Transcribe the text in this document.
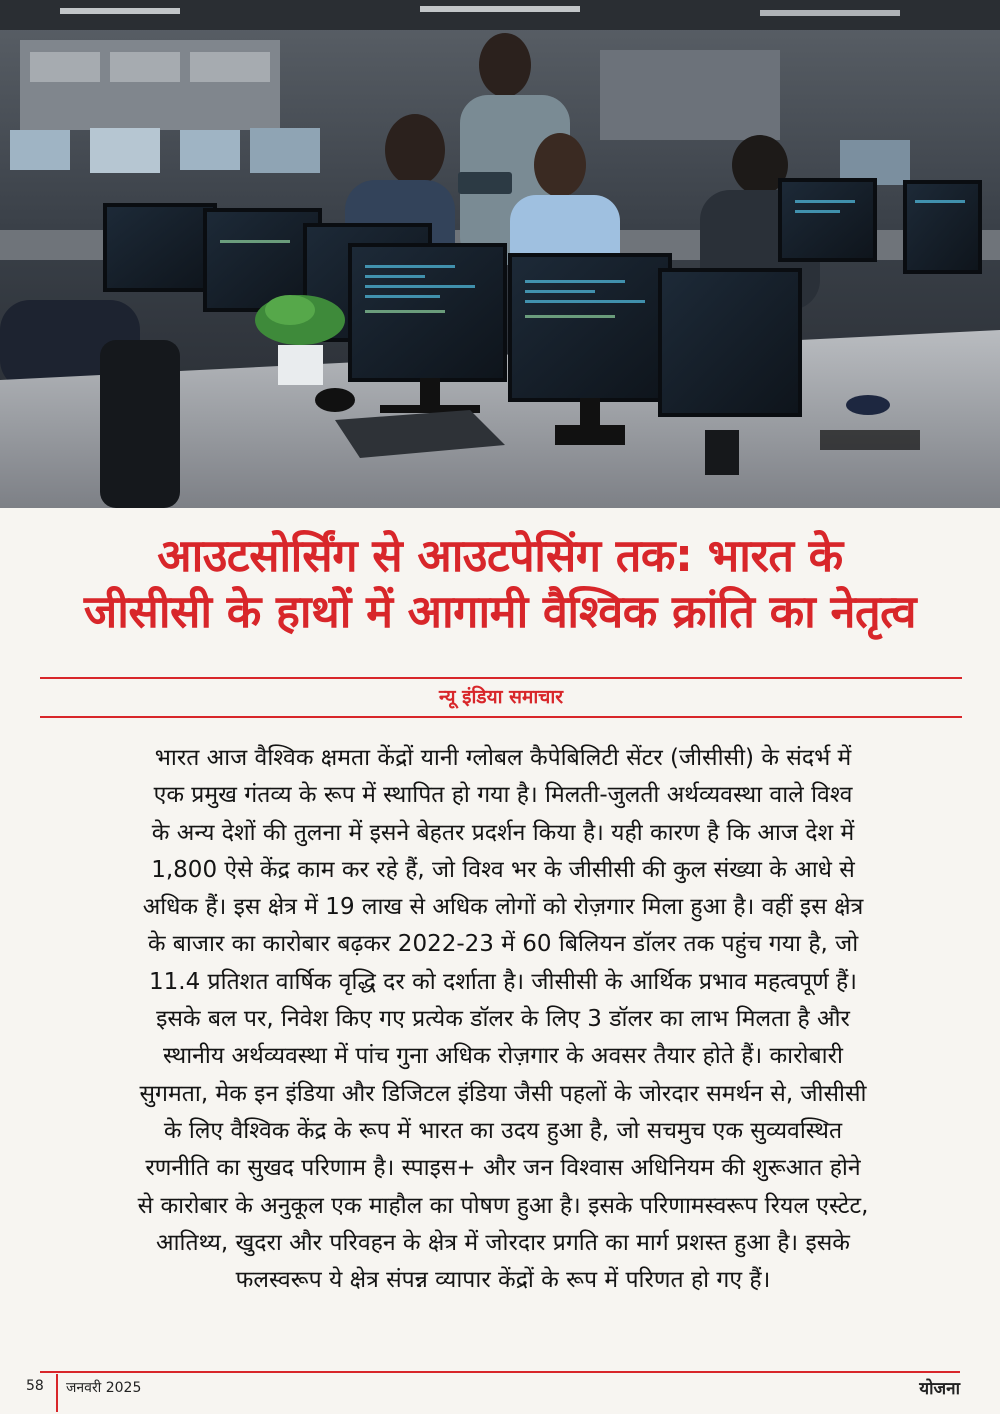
आउटसोर्सिंग से आउटपेसिंग तक: भारत के
जीसीसी के हाथों में आगामी वैश्विक क्रांति का नेतृत्व
न्यू इंडिया समाचार
भारत आज वैश्विक क्षमता केंद्रों यानी ग्लोबल कैपेबिलिटी सेंटर (जीसीसी) के संदर्भ में
एक प्रमुख गंतव्य के रूप में स्थापित हो गया है। मिलती-जुलती अर्थव्यवस्था वाले विश्व
के अन्य देशों की तुलना में इसने बेहतर प्रदर्शन किया है। यही कारण है कि आज देश में
1,800 ऐसे केंद्र काम कर रहे हैं, जो विश्व भर के जीसीसी की कुल संख्या के आधे से
अधिक हैं। इस क्षेत्र में 19 लाख से अधिक लोगों को रोज़गार मिला हुआ है। वहीं इस क्षेत्र
के बाजार का कारोबार बढ़कर 2022-23 में 60 बिलियन डॉलर तक पहुंच गया है, जो
11.4 प्रतिशत वार्षिक वृद्धि दर को दर्शाता है। जीसीसी के आर्थिक प्रभाव महत्वपूर्ण हैं।
इसके बल पर, निवेश किए गए प्रत्येक डॉलर के लिए 3 डॉलर का लाभ मिलता है और
स्थानीय अर्थव्यवस्था में पांच गुना अधिक रोज़गार के अवसर तैयार होते हैं। कारोबारी
सुगमता, मेक इन इंडिया और डिजिटल इंडिया जैसी पहलों के जोरदार समर्थन से, जीसीसी
के लिए वैश्विक केंद्र के रूप में भारत का उदय हुआ है, जो सचमुच एक सुव्यवस्थित
रणनीति का सुखद परिणाम है। स्पाइस+ और जन विश्वास अधिनियम की शुरूआत होने
से कारोबार के अनुकूल एक माहौल का पोषण हुआ है। इसके परिणामस्वरूप रियल एस्टेट,
आतिथ्य, खुदरा और परिवहन के क्षेत्र में जोरदार प्रगति का मार्ग प्रशस्त हुआ है। इसके
फलस्वरूप ये क्षेत्र संपन्न व्यापार केंद्रों के रूप में परिणत हो गए हैं।
58 जनवरी 2025	योजना
